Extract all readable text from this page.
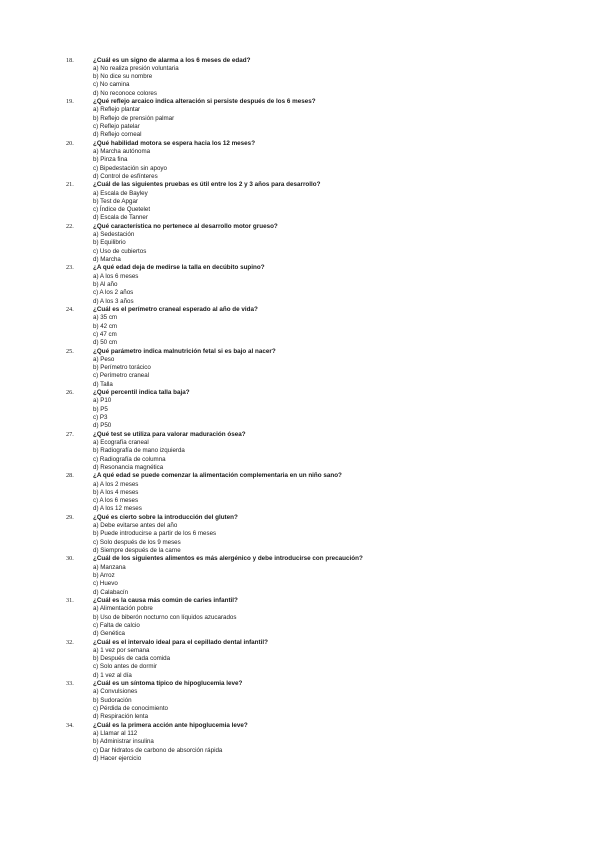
18.	¿Cuál es un signo de alarma a los 6 meses de edad?
a) No realiza presión voluntaria
b) No dice su nombre
c) No camina
d) No reconoce colores
19.	¿Qué reflejo arcaico indica alteración si persiste después de los 6 meses?
a) Reflejo plantar
b) Reflejo de prensión palmar
c) Reflejo patelar
d) Reflejo corneal
20.	¿Qué habilidad motora se espera hacia los 12 meses?
a) Marcha autónoma
b) Pinza fina
c) Bipedestación sin apoyo
d) Control de esfínteres
21.	¿Cuál de las siguientes pruebas es útil entre los 2 y 3 años para desarrollo?
a) Escala de Bayley
b) Test de Apgar
c) Índice de Quetelet
d) Escala de Tanner
22.	¿Qué característica no pertenece al desarrollo motor grueso?
a) Sedestación
b) Equilibrio
c) Uso de cubiertos
d) Marcha
23.	¿A qué edad deja de medirse la talla en decúbito supino?
a) A los 6 meses
b) Al año
c) A los 2 años
d) A los 3 años
24.	¿Cuál es el perímetro craneal esperado al año de vida?
a) 35 cm
b) 42 cm
c) 47 cm
d) 50 cm
25.	¿Qué parámetro indica malnutrición fetal si es bajo al nacer?
a) Peso
b) Perímetro torácico
c) Perímetro craneal
d) Talla
26.	¿Qué percentil indica talla baja?
a) P10
b) P5
c) P3
d) P50
27.	¿Qué test se utiliza para valorar maduración ósea?
a) Ecografía craneal
b) Radiografía de mano izquierda
c) Radiografía de columna
d) Resonancia magnética
28.	¿A qué edad se puede comenzar la alimentación complementaria en un niño sano?
a) A los 2 meses
b) A los 4 meses
c) A los 6 meses
d) A los 12 meses
29.	¿Qué es cierto sobre la introducción del gluten?
a) Debe evitarse antes del año
b) Puede introducirse a partir de los 6 meses
c) Solo después de los 9 meses
d) Siempre después de la carne
30.	¿Cuál de los siguientes alimentos es más alergénico y debe introducirse con precaución?
a) Manzana
b) Arroz
c) Huevo
d) Calabacín
31.	¿Cuál es la causa más común de caries infantil?
a) Alimentación pobre
b) Uso de biberón nocturno con líquidos azucarados
c) Falta de calcio
d) Genética
32.	¿Cuál es el intervalo ideal para el cepillado dental infantil?
a) 1 vez por semana
b) Después de cada comida
c) Solo antes de dormir
d) 1 vez al día
33.	¿Cuál es un síntoma típico de hipoglucemia leve?
a) Convulsiones
b) Sudoración
c) Pérdida de conocimiento
d) Respiración lenta
34.	¿Cuál es la primera acción ante hipoglucemia leve?
a) Llamar al 112
b) Administrar insulina
c) Dar hidratos de carbono de absorción rápida
d) Hacer ejercicio
